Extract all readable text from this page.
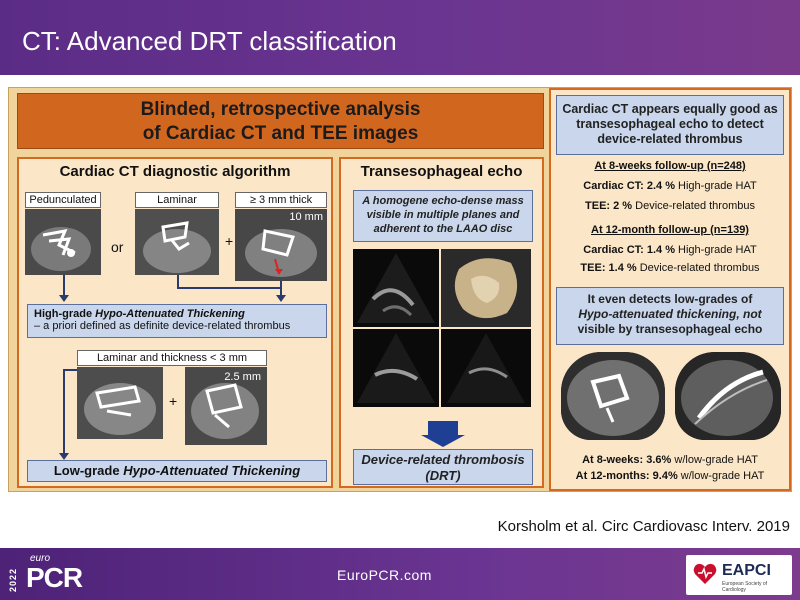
CT: Advanced DRT classification
Blinded, retrospective analysis
of Cardiac CT and TEE images
Cardiac CT diagnostic algorithm
Pedunculated
or
Laminar
+
≥ 3 mm thick
10 mm
High-grade Hypo-Attenuated Thickening
– a priori defined as definite device-related thrombus
Laminar and thickness < 3 mm
+
2.5 mm
Low-grade Hypo-Attenuated Thickening
Transesophageal echo
A homogene echo-dense mass visible in multiple planes and adherent to the LAAO disc
Device-related thrombosis
(DRT)
Cardiac CT appears equally good as transesophageal echo to detect device-related thrombus
At 8-weeks follow-up (n=248)
Cardiac CT: 2.4 % High-grade HAT
TEE: 2 % Device-related thrombus
At 12-month follow-up (n=139)
Cardiac CT: 1.4 % High-grade HAT
TEE: 1.4 % Device-related thrombus
It even detects low-grades of
Hypo-attenuated thickening, not
visible by transesophageal echo
At 8-weeks: 3.6% w/low-grade HAT
At 12-months: 9.4% w/low-grade HAT
Korsholm et al. Circ Cardiovasc Interv. 2019
2022
euro
PCR	EuroPCR.com	EAPCI
European Society of Cardiology
